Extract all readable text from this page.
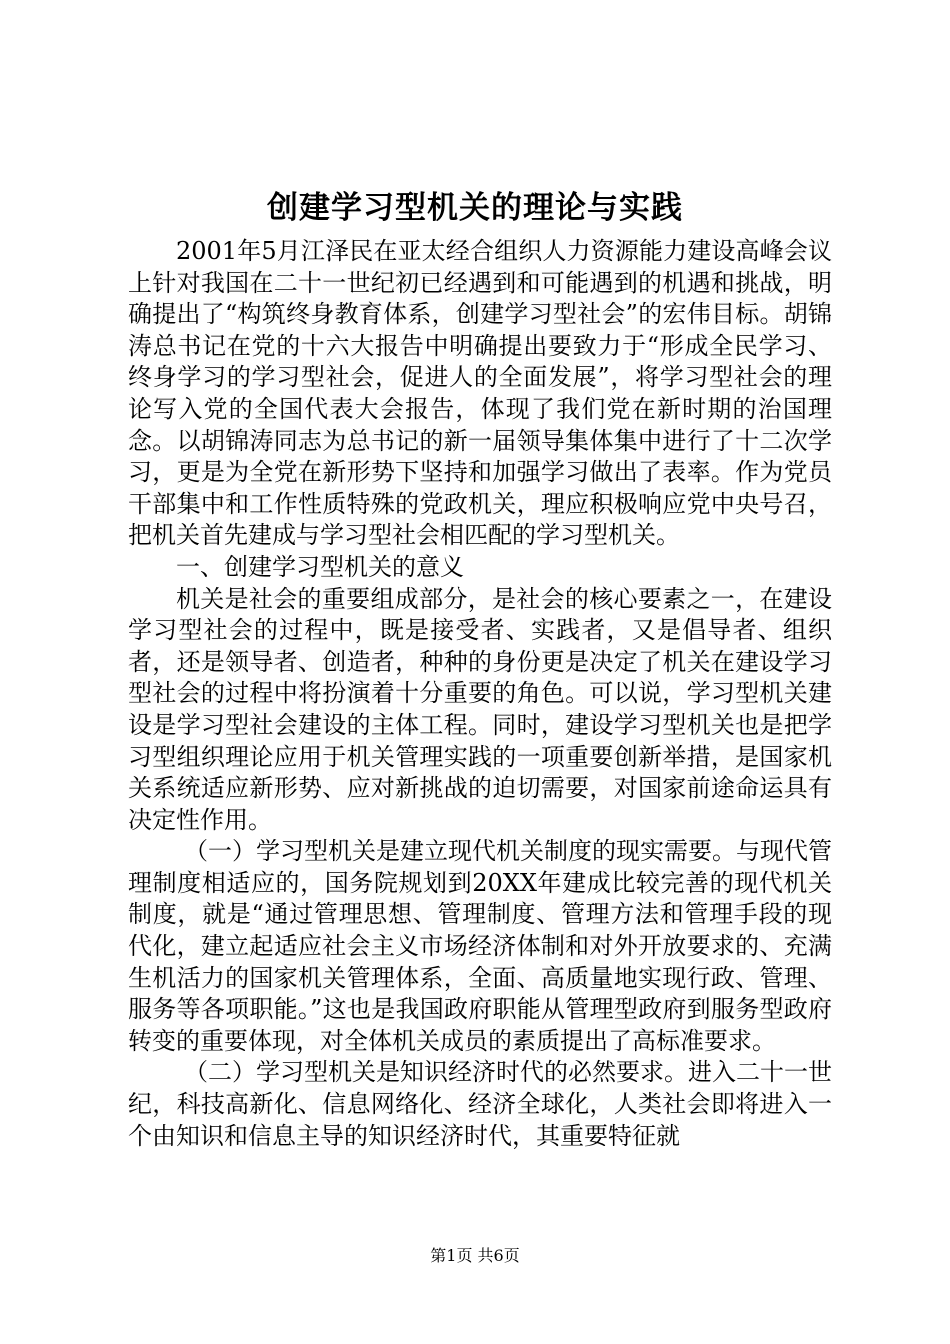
创建学习型机关的理论与实践

2001年5月江泽民在亚太经合组织人力资源能力建设高峰会议上针对我国在二十一世纪初已经遇到和可能遇到的机遇和挑战，明确提出了“构筑终身教育体系，创建学习型社会”的宏伟目标。胡锦涛总书记在党的十六大报告中明确提出要致力于“形成全民学习、终身学习的学习型社会，促进人的全面发展”，将学习型社会的理论写入党的全国代表大会报告，体现了我们党在新时期的治国理念。以胡锦涛同志为总书记的新一届领导集体集中进行了十二次学习，更是为全党在新形势下坚持和加强学习做出了表率。作为党员干部集中和工作性质特殊的党政机关，理应积极响应党中央号召，把机关首先建成与学习型社会相匹配的学习型机关。

一、创建学习型机关的意义

机关是社会的重要组成部分，是社会的核心要素之一，在建设学习型社会的过程中，既是接受者、实践者，又是倡导者、组织者，还是领导者、创造者，种种的身份更是决定了机关在建设学习型社会的过程中将扮演着十分重要的角色。可以说，学习型机关建设是学习型社会建设的主体工程。同时，建设学习型机关也是把学习型组织理论应用于机关管理实践的一项重要创新举措，是国家机关系统适应新形势、应对新挑战的迫切需要，对国家前途命运具有决定性作用。

（一）学习型机关是建立现代机关制度的现实需要。与现代管理制度相适应的，国务院规划到20XX年建成比较完善的现代机关制度，就是“通过管理思想、管理制度、管理方法和管理手段的现代化，建立起适应社会主义市场经济体制和对外开放要求的、充满生机活力的国家机关管理体系，全面、高质量地实现行政、管理、服务等各项职能。”这也是我国政府职能从管理型政府到服务型政府转变的重要体现，对全体机关成员的素质提出了高标准要求。

（二）学习型机关是知识经济时代的必然要求。进入二十一世纪，科技高新化、信息网络化、经济全球化，人类社会即将进入一个由知识和信息主导的知识经济时代，其重要特征就

第1页 共6页
